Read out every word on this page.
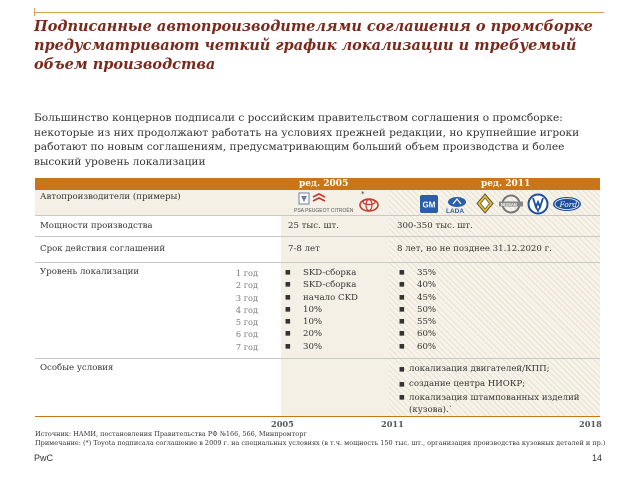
Подписанные автопроизводителями соглашения о промсборке предусматривают четкий график локализации и требуемый объем производства
Большинство концернов подписали с российским правительством соглашения о промсборке: некоторые из них продолжают работать на условиях прежней редакции, но крупнейшие игроки работают по новым соглашениям, предусматривающим больший объем производства и более высокий уровень локализации
ред. 2005	ред. 2011
Автопроизводители (примеры)
PSA PEUGEOT CITROËN
*
GM
LADA
NISSAN	Ford
Мощности производства	25 тыс. шт.	300-350 тыс. шт.
Срок действия соглашений	7-8 лет	8 лет, но не позднее 31.12.2020 г.
Уровень локализации	1 год
2 год
3 год
4 год
5 год
6 год
7 год
■ SKD-сборка
■ SKD-сборка
■ начало CKD
■ 10%
■ 10%
■ 20%
■ 30%
■ 35%
■ 40%
■ 45%
■ 50%
■ 55%
■ 60%
■ 60%
Особые условия
■	локализация двигателей/КПП;
■ создание центра НИОКР;
■ локализация штампованных изделий (кузова).`
2005	2011	2018
Источник: НАМИ, постановления Правительства РФ №166, 566, Минпромторг
Примечание: (*) Toyota подписала соглашение в 2009 г. на специальных условиях (в т.ч. мощность 150 тыс. шт., организация производства кузовных деталей и пр.)
PwC	14
